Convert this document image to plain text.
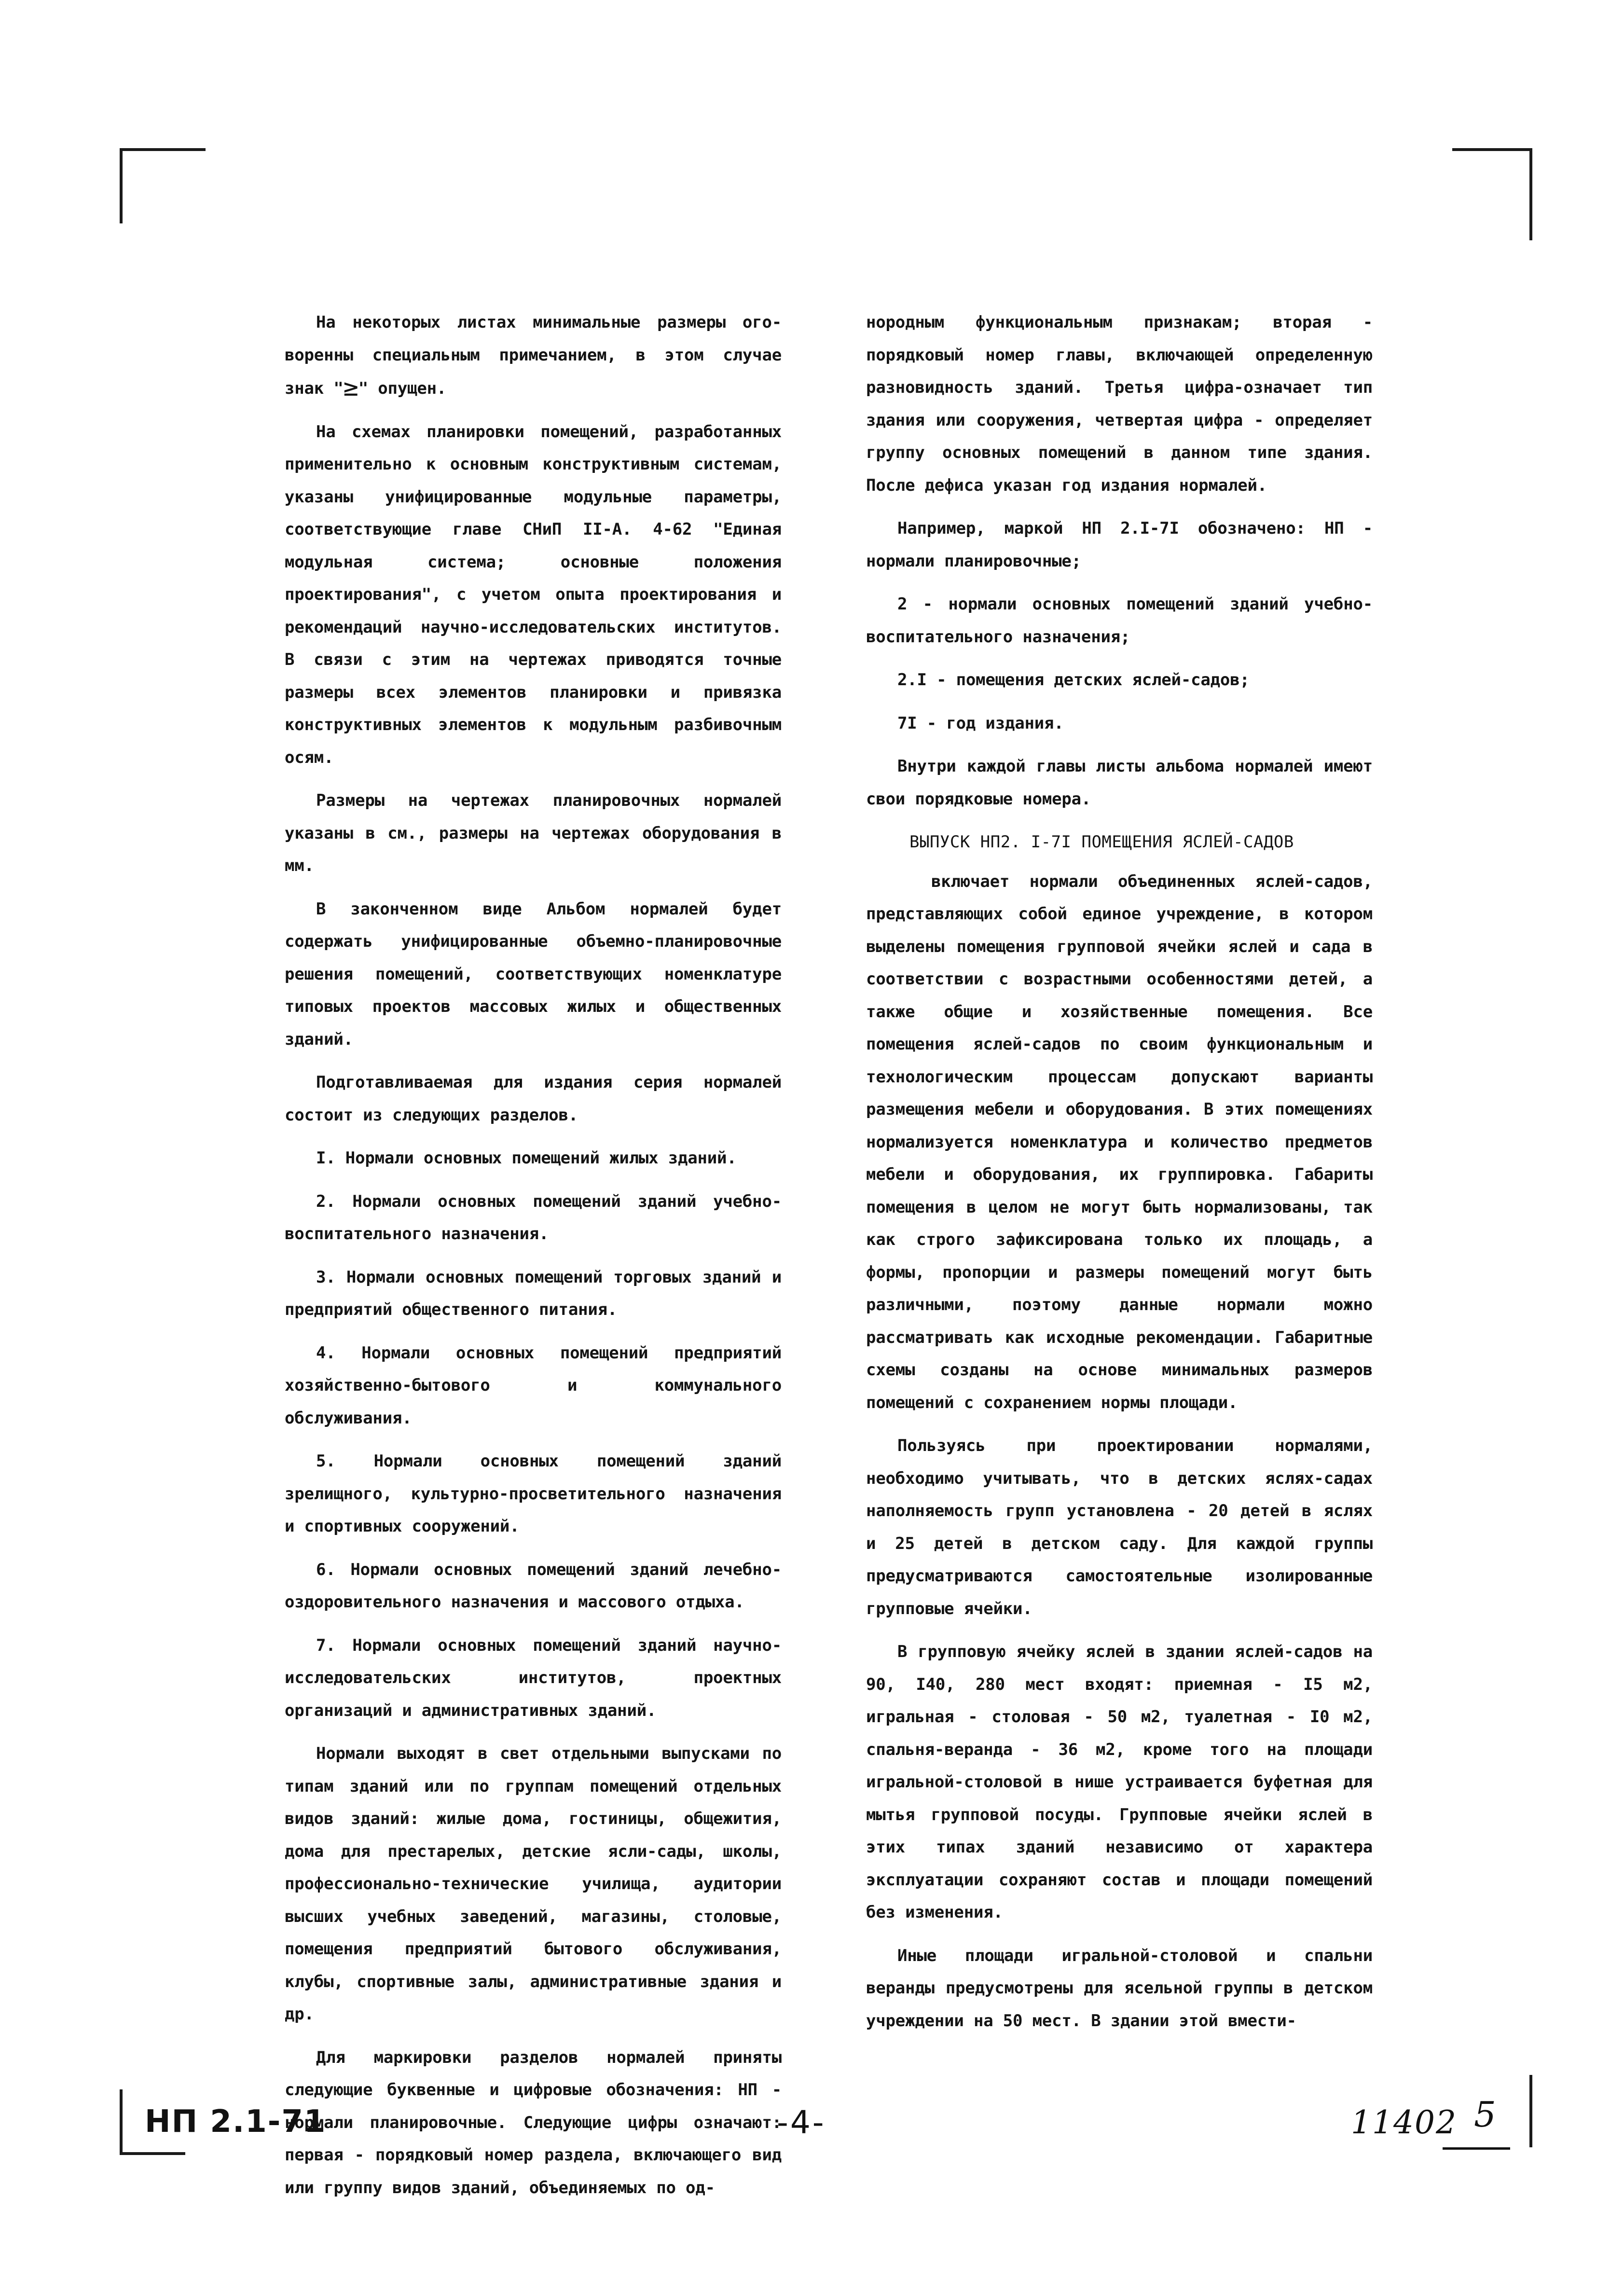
На некоторых листах минимальные размеры ого-воренны специальным примечанием, в этом случае знак "≥" опущен.

На схемах планировки помещений, разработанных применительно к основным конструктивным системам, указаны унифицированные модульные параметры, соответствующие главе СНиП II-А. 4-62 "Единая модульная система; основные положения проектирования", с учетом опыта проектирования и рекомендаций научно-исследовательских институтов. В связи с этим на чертежах приводятся точные размеры всех элементов планировки и привязка конструктивных элементов к модульным разбивочным осям.

Размеры на чертежах планировочных нормалей указаны в см., размеры на чертежах оборудования в мм.

В законченном виде Альбом нормалей будет содержать унифицированные объемно-планировочные решения помещений, соответствующих номенклатуре типовых проектов массовых жилых и общественных зданий.

Подготавливаемая для издания серия нормалей состоит из следующих разделов.

I. Нормали основных помещений жилых зданий.

2. Нормали основных помещений зданий учебно-воспитательного назначения.

3. Нормали основных помещений торговых зданий и предприятий общественного питания.

4. Нормали основных помещений предприятий хозяйственно-бытового и коммунального обслуживания.

5. Нормали основных помещений зданий зрелищного, культурно-просветительного назначения и спортивных сооружений.

6. Нормали основных помещений зданий лечебно-оздоровительного назначения и массового отдыха.

7. Нормали основных помещений зданий научно-исследовательских институтов, проектных организаций и административных зданий.

Нормали выходят в свет отдельными выпусками по типам зданий или по группам помещений отдельных видов зданий: жилые дома, гостиницы, общежития, дома для престарелых, детские ясли-сады, школы, профессионально-технические училища, аудитории высших учебных заведений, магазины, столовые, помещения предприятий бытового обслуживания, клубы, спортивные залы, административные здания и др.

Для маркировки разделов нормалей приняты следующие буквенные и цифровые обозначения: НП - нормали планировочные. Следующие цифры означают: первая - порядковый номер раздела, включающего вид или группу видов зданий, объединяемых по од-

нородным функциональным признакам; вторая - порядковый номер главы, включающей определенную разновидность зданий. Третья цифра-означает тип здания или сооружения, четвертая цифра - определяет группу основных помещений в данном типе здания. После дефиса указан год издания нормалей.

Например, маркой НП 2.I-7I обозначено: НП - нормали планировочные;

2 - нормали основных помещений зданий учебно-воспитательного назначения;

2.I - помещения детских яслей-садов;

7I - год издания.

Внутри каждой главы листы альбома нормалей имеют свои порядковые номера.

ВЫПУСК НП2. I-7I ПОМЕЩЕНИЯ ЯСЛЕЙ-САДОВ

включает нормали объединенных яслей-садов, представляющих собой единое учреждение, в котором выделены помещения групповой ячейки яслей и сада в соответствии с возрастными особенностями детей, а также общие и хозяйственные помещения. Все помещения яслей-садов по своим функциональным и технологическим процессам допускают варианты размещения мебели и оборудования. В этих помещениях нормализуется номенклатура и количество предметов мебели и оборудования, их группировка. Габариты помещения в целом не могут быть нормализованы, так как строго зафиксирована только их площадь, а формы, пропорции и размеры помещений могут быть различными, поэтому данные нормали можно рассматривать как исходные рекомендации. Габаритные схемы созданы на основе минимальных размеров помещений с сохранением нормы площади.

Пользуясь при проектировании нормалями, необходимо учитывать, что в детских яслях-садах наполняемость групп установлена - 20 детей в яслях и 25 детей в детском саду. Для каждой группы предусматриваются самостоятельные изолированные групповые ячейки.

В групповую ячейку яслей в здании яслей-садов на 90, I40, 280 мест входят: приемная - I5 м2, игральная - столовая - 50 м2, туалетная - I0 м2, спальня-веранда - 36 м2, кроме того на площади игральной-столовой в нише устраивается буфетная для мытья групповой посуды. Групповые ячейки яслей в этих типах зданий независимо от характера эксплуатации сохраняют состав и площади помещений без изменения.

Иные площади игральной-столовой и спальни веранды предусмотрены для ясельной группы в детском учреждении на 50 мест. В здании этой вмести-

НП 2.1-71	-4-	11402 5
